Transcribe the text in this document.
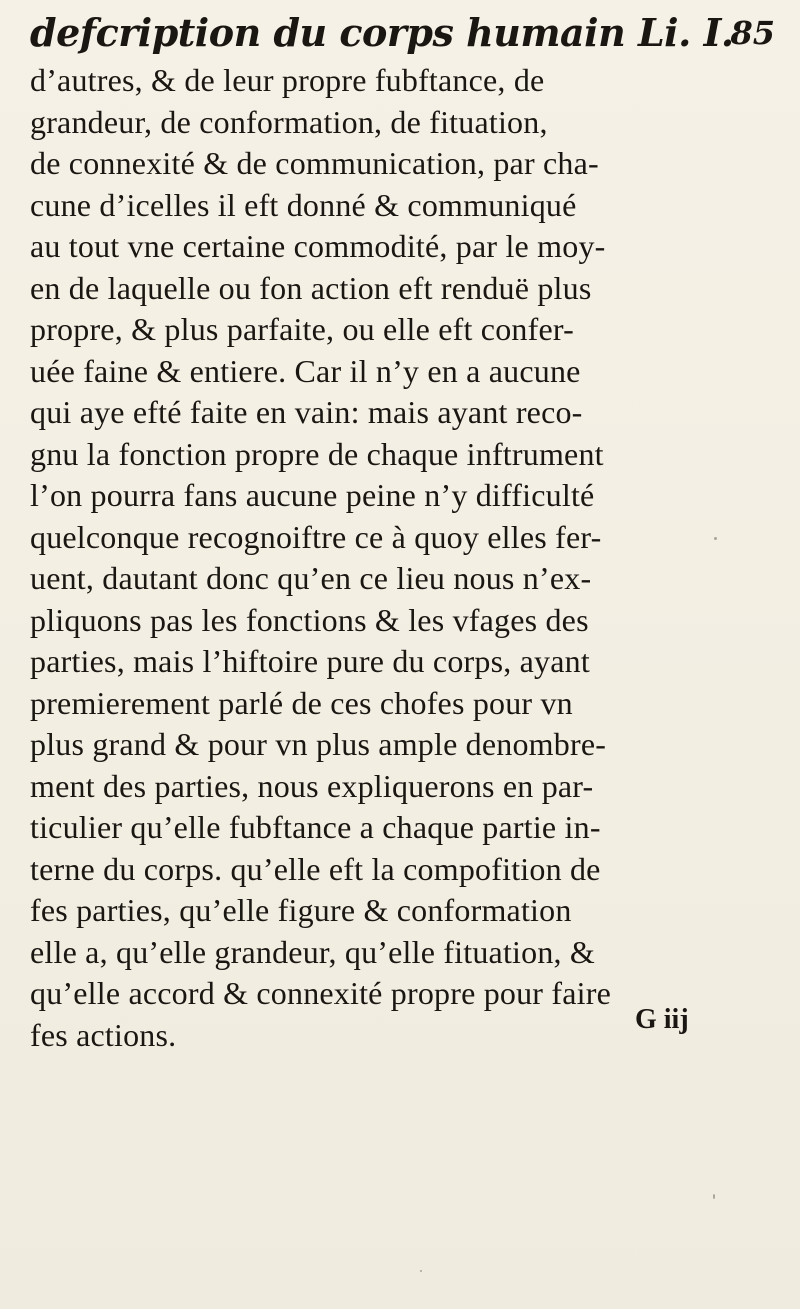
defcription du corps humain Li. I.
85
d’autres, & de leur propre fubftance, de
grandeur, de conformation, de fituation,
de connexité & de communication, par cha-
cune d’icelles il eft donné & communiqué
au tout vne certaine commodité, par le moy-
en de laquelle ou fon action eft renduë plus
propre, & plus parfaite, ou elle eft confer-
uée faine & entiere. Car il n’y en a aucune
qui aye efté faite en vain: mais ayant reco-
gnu la fonction propre de chaque inftrument
l’on pourra fans aucune peine n’y difficulté
quelconque recognoiftre ce à quoy elles fer-
uent, dautant donc qu’en ce lieu nous n’ex-
pliquons pas les fonctions & les vfages des
parties, mais l’hiftoire pure du corps, ayant
premierement parlé de ces chofes pour vn
plus grand & pour vn plus ample denombre-
ment des parties, nous expliquerons en par-
ticulier qu’elle fubftance a chaque partie in-
terne du corps. qu’elle eft la compofition de
fes parties, qu’elle figure & conformation
elle a, qu’elle grandeur, qu’elle fituation, &
qu’elle accord & connexité propre pour faire
fes actions.	G iij
